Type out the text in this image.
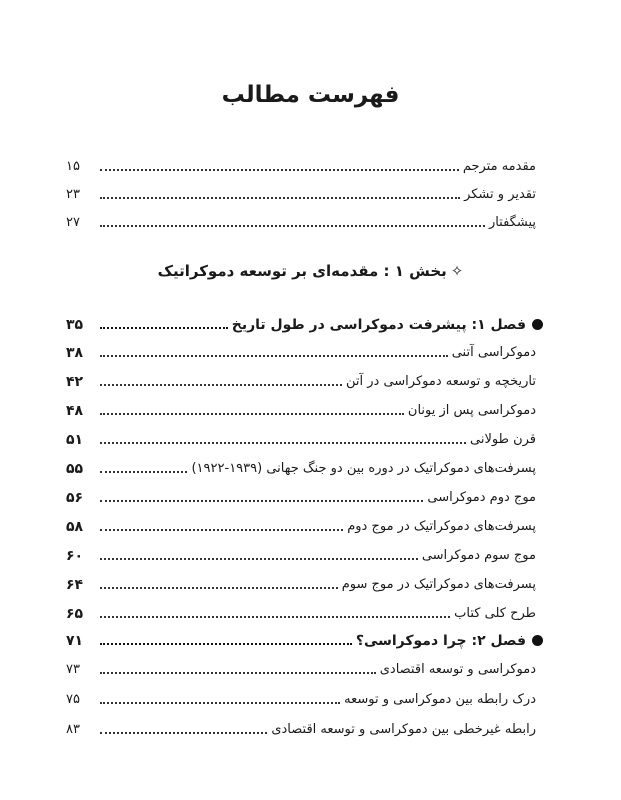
فهرست مطالب
مقدمه مترجم
۱۵
تقدیر و تشکر
۲۳
پیشگفتار
۲۷
✧بخش ۱ : مقدمه‌ای بر توسعه دموکراتیک
فصل ۱: پیشرفت دموکراسی در طول تاریخ
۳۵
دموکراسی آتنی
۳۸
تاریخچه و توسعه دموکراسی در آتن
۴۲
دموکراسی پس از یونان
۴۸
قرن طولانی
۵۱
پسرفت‌های دموکراتیک در دوره بین دو جنگ جهانی (۱۹۳۹-۱۹۲۲)
۵۵
موج دوم دموکراسی
۵۶
پسرفت‌های دموکراتیک در موج دوم
۵۸
موج سوم دموکراسی
۶۰
پسرفت‌های دموکراتیک در موج سوم
۶۴
طرح کلی کتاب
۶۵
فصل ۲: چرا دموکراسی؟
۷۱
دموکراسی و توسعه اقتصادی
۷۳
درک رابطه بین دموکراسی و توسعه
۷۵
رابطه غیرخطی بین دموکراسی و توسعه اقتصادی
۸۳
